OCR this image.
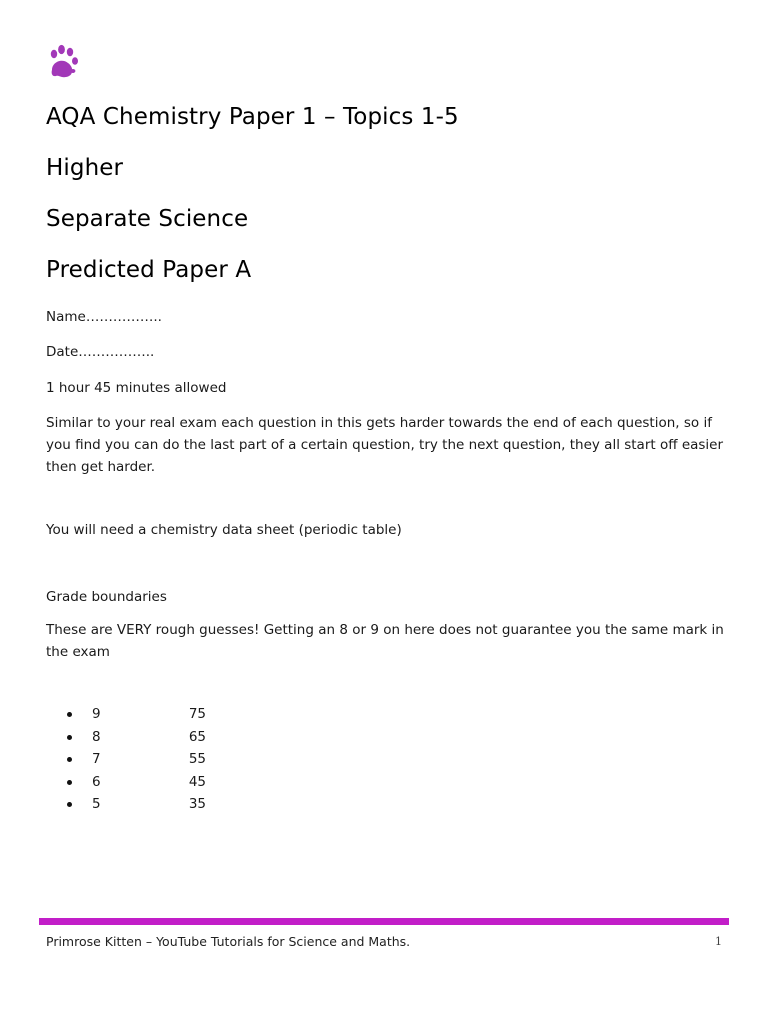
AQA Chemistry Paper 1 – Topics 1-5
Higher
Separate Science
Predicted Paper A

Name……………..

Date……………..

1 hour 45 minutes allowed

Similar to your real exam each question in this gets harder towards the end of each question, so if you find you can do the last part of a certain question, try the next question, they all start off easier then get harder.

You will need a chemistry data sheet (periodic table)

Grade boundaries

These are VERY rough guesses! Getting an 8 or 9 on here does not guarantee you the same mark in the exam

9	75
8	65
7	55
6	45
5	35

Primrose Kitten – YouTube Tutorials for Science and Maths.	1
